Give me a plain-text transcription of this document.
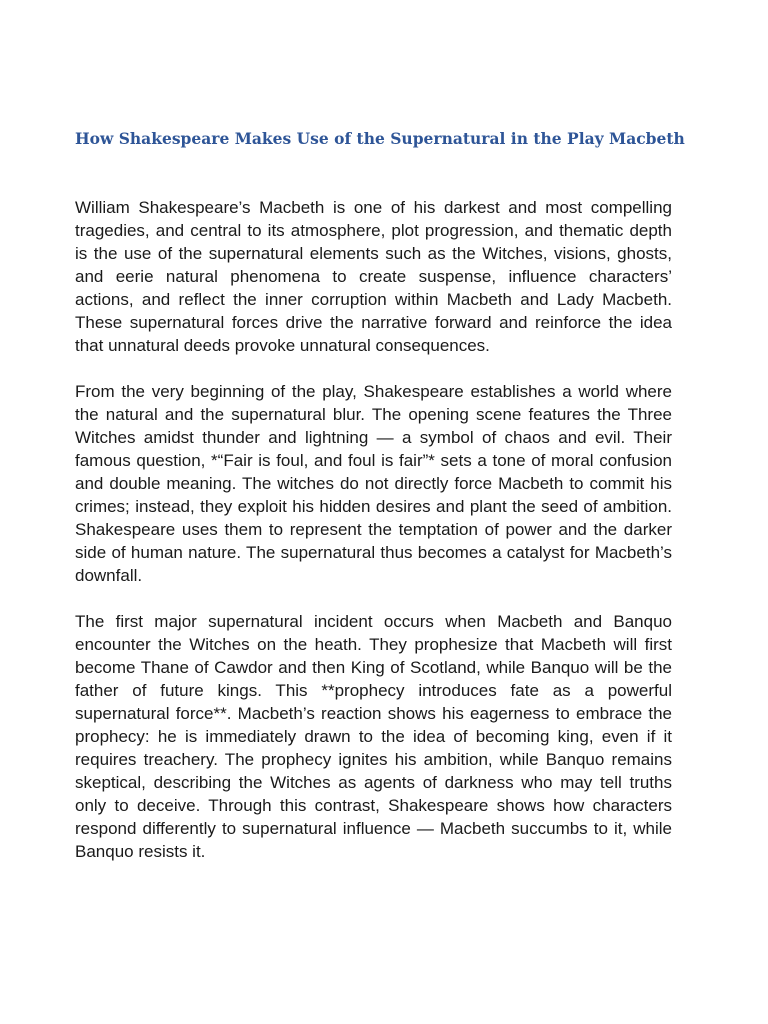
How Shakespeare Makes Use of the Supernatural in the Play Macbeth

William Shakespeare’s Macbeth is one of his darkest and most compelling tragedies, and central to its atmosphere, plot progression, and thematic depth is the use of the supernatural elements such as the Witches, visions, ghosts, and eerie natural phenomena to create suspense, influence characters’ actions, and reflect the inner corruption within Macbeth and Lady Macbeth. These supernatural forces drive the narrative forward and reinforce the idea that unnatural deeds provoke unnatural consequences.

From the very beginning of the play, Shakespeare establishes a world where the natural and the supernatural blur. The opening scene features the Three Witches amidst thunder and lightning — a symbol of chaos and evil. Their famous question, *“Fair is foul, and foul is fair”* sets a tone of moral confusion and double meaning. The witches do not directly force Macbeth to commit his crimes; instead, they exploit his hidden desires and plant the seed of ambition. Shakespeare uses them to represent the temptation of power and the darker side of human nature. The supernatural thus becomes a catalyst for Macbeth’s downfall.

The first major supernatural incident occurs when Macbeth and Banquo encounter the Witches on the heath. They prophesize that Macbeth will first become Thane of Cawdor and then King of Scotland, while Banquo will be the father of future kings. This **prophecy introduces fate as a powerful supernatural force**. Macbeth’s reaction shows his eagerness to embrace the prophecy: he is immediately drawn to the idea of becoming king, even if it requires treachery. The prophecy ignites his ambition, while Banquo remains skeptical, describing the Witches as agents of darkness who may tell truths only to deceive. Through this contrast, Shakespeare shows how characters respond differently to supernatural influence — Macbeth succumbs to it, while Banquo resists it.
